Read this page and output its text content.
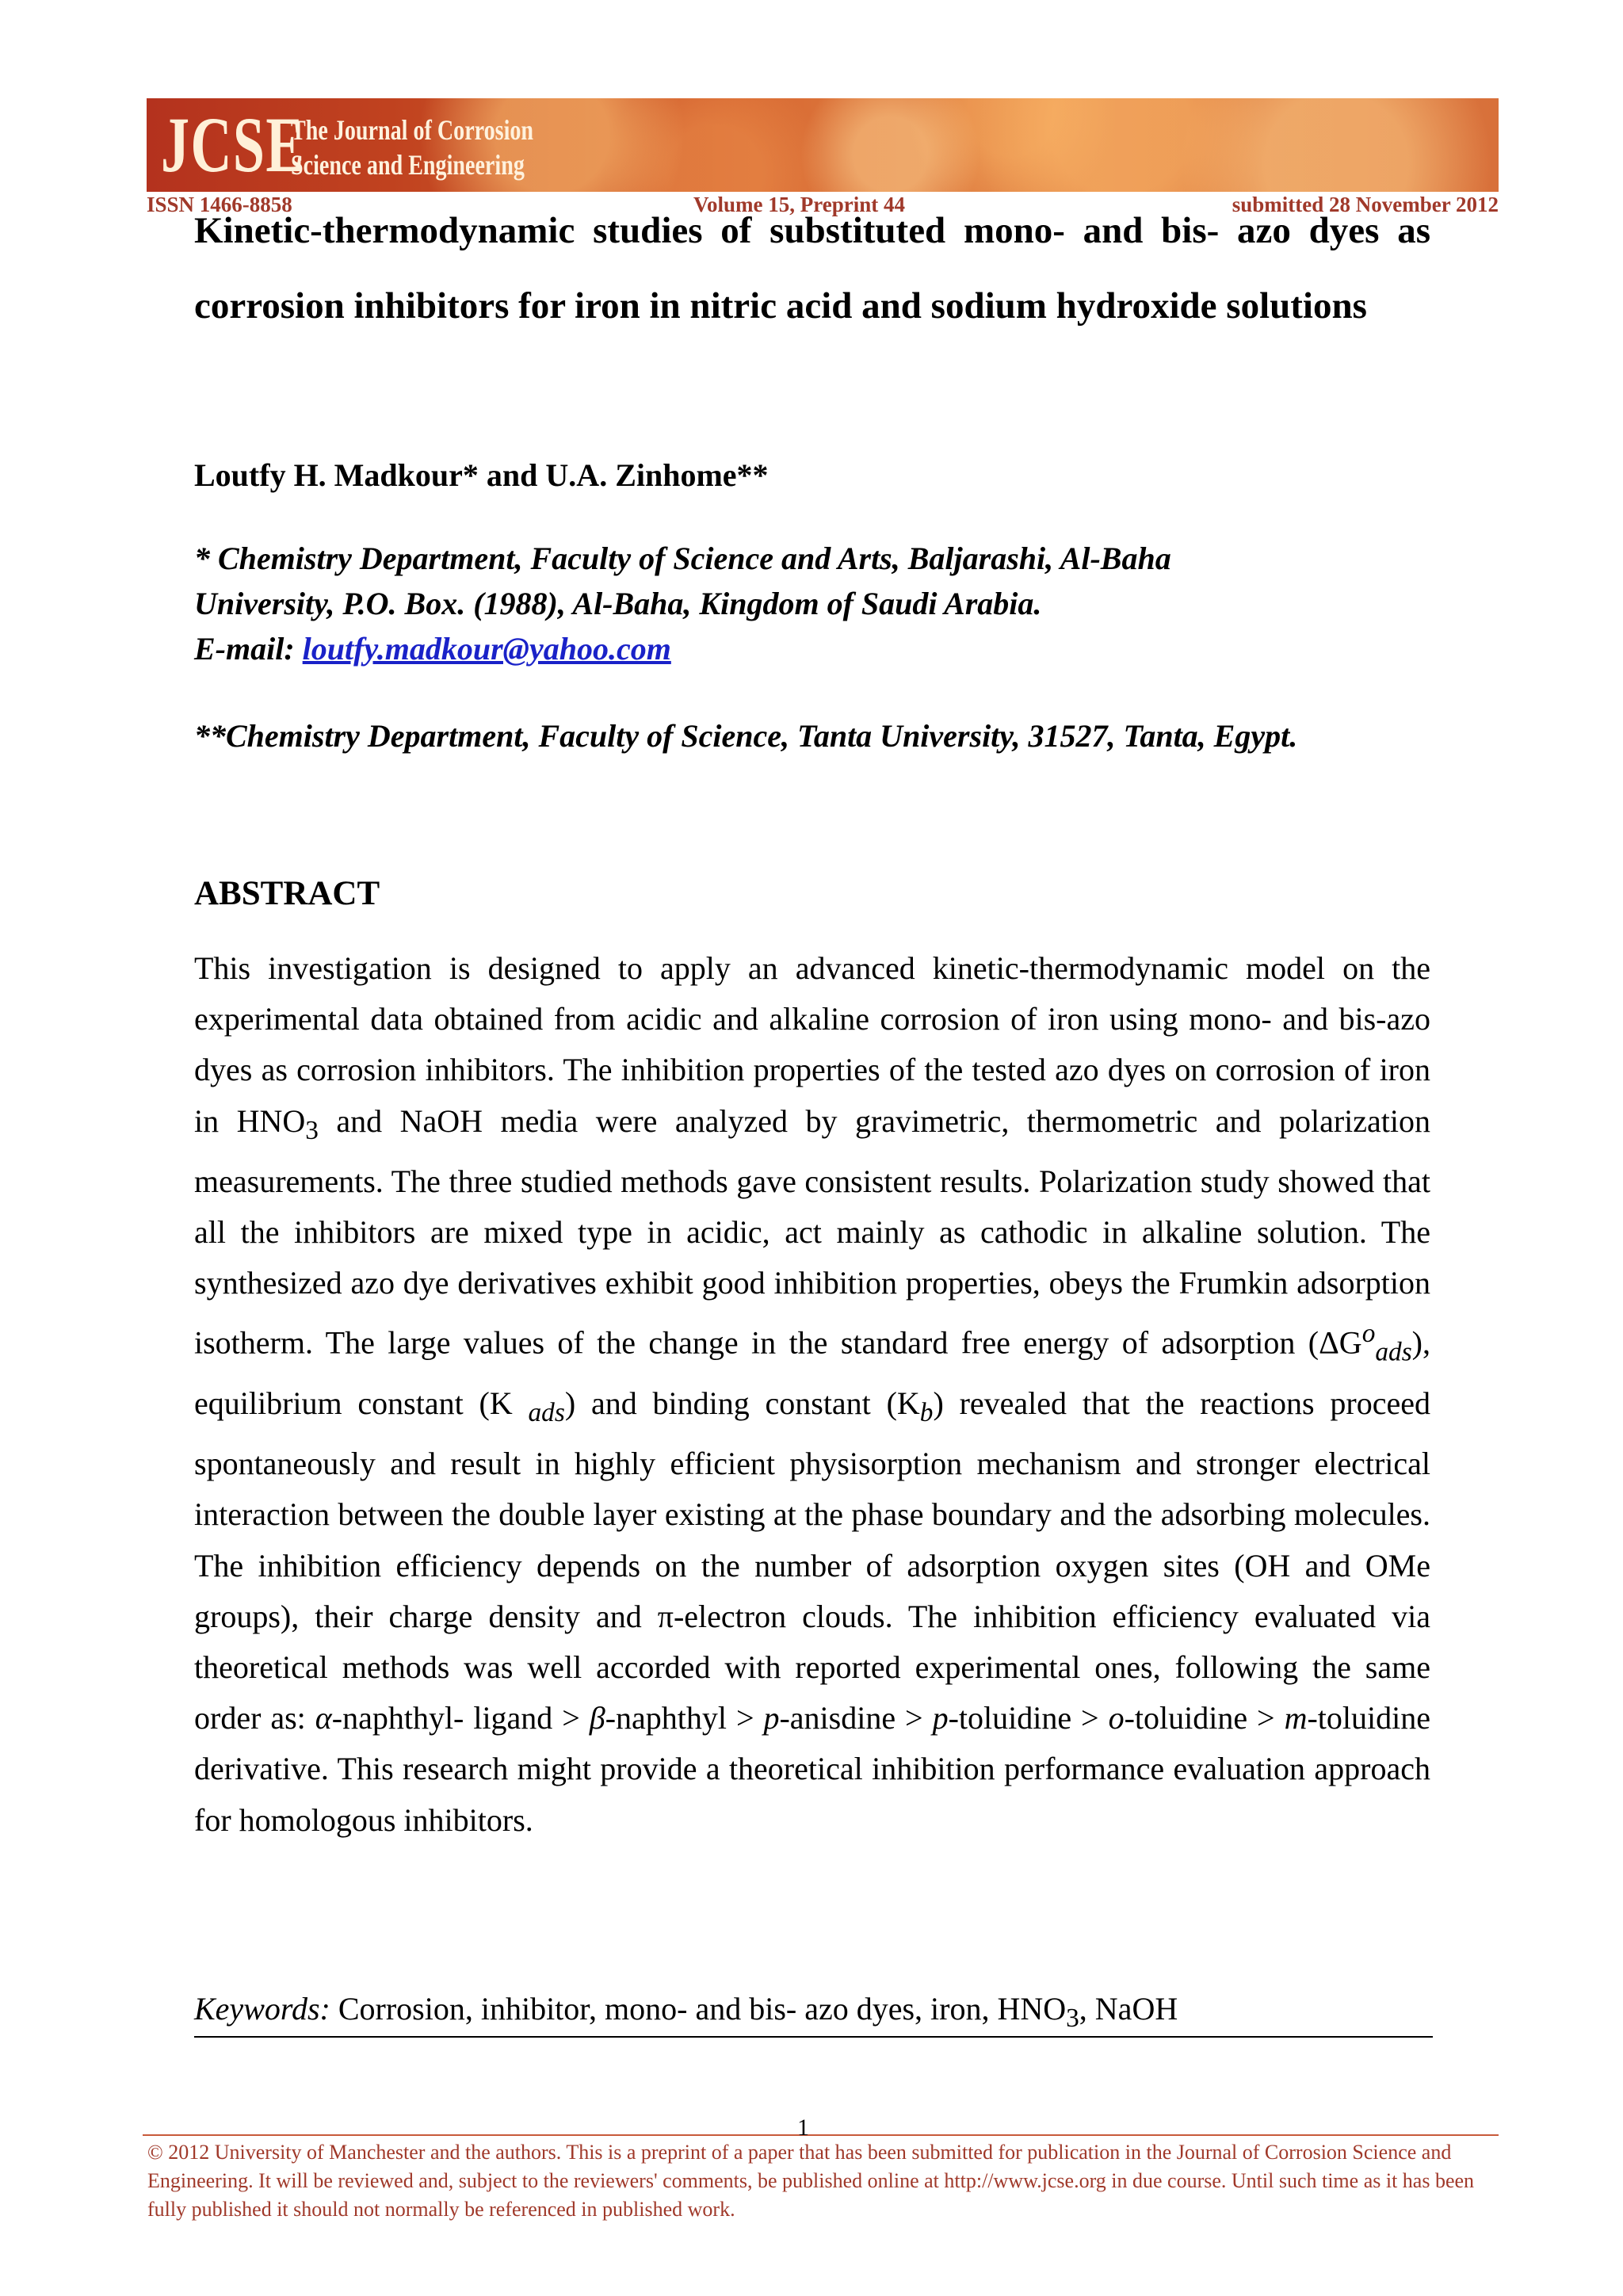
JCSE
The Journal of Corrosion
Science and Engineering
ISSN 1466-8858	Volume 15, Preprint 44	submitted 28 November 2012

Kinetic-thermodynamic studies of substituted mono- and bis- azo dyes as corrosion inhibitors for iron in nitric acid and sodium hydroxide solutions

Loutfy H. Madkour* and U.A. Zinhome**
* Chemistry Department, Faculty of Science and Arts, Baljarashi, Al-Baha
University, P.O. Box. (1988), Al-Baha, Kingdom of Saudi Arabia.
E-mail: loutfy.madkour@yahoo.com
**Chemistry Department, Faculty of Science, Tanta University, 31527, Tanta, Egypt.
ABSTRACT

This investigation is designed to apply an advanced kinetic-thermodynamic model on the experimental data obtained from acidic and alkaline corrosion of iron using mono- and bis-azo dyes as corrosion inhibitors. The inhibition properties of the tested azo dyes on corrosion of iron in $HNO_3$ and NaOH media were analyzed by gravimetric, thermometric and polarization measurements. The three studied methods gave consistent results. Polarization study showed that all the inhibitors are mixed type in acidic, act mainly as cathodic in alkaline solution. The synthesized azo dye derivatives exhibit good inhibition properties, obeys the Frumkin adsorption isotherm. The large values of the change in the standard free energy of adsorption $(\Delta G^o_{ads})$, equilibrium constant (K $_{ads}$) and binding constant $(K_b)$ revealed that the reactions proceed spontaneously and result in highly efficient physisorption mechanism and stronger electrical interaction between the double layer existing at the phase boundary and the adsorbing molecules. The inhibition efficiency depends on the number of adsorption oxygen sites (OH and OMe groups), their charge density and π-electron clouds. The inhibition efficiency evaluated via theoretical methods was well accorded with reported experimental ones, following the same order as: α-naphthyl- ligand > β-naphthyl > p-anisdine > p-toluidine > o-toluidine > m-toluidine derivative. This research might provide a theoretical inhibition performance evaluation approach for homologous inhibitors.

Keywords: Corrosion, inhibitor, mono- and bis- azo dyes, iron, $HNO_3$, NaOH
1
© 2012 University of Manchester and the authors. This is a preprint of a paper that has been submitted for publication in the Journal of Corrosion Science and Engineering. It will be reviewed and, subject to the reviewers' comments, be published online at http://www.jcse.org in due course. Until such time as it has been fully published it should not normally be referenced in published work.
